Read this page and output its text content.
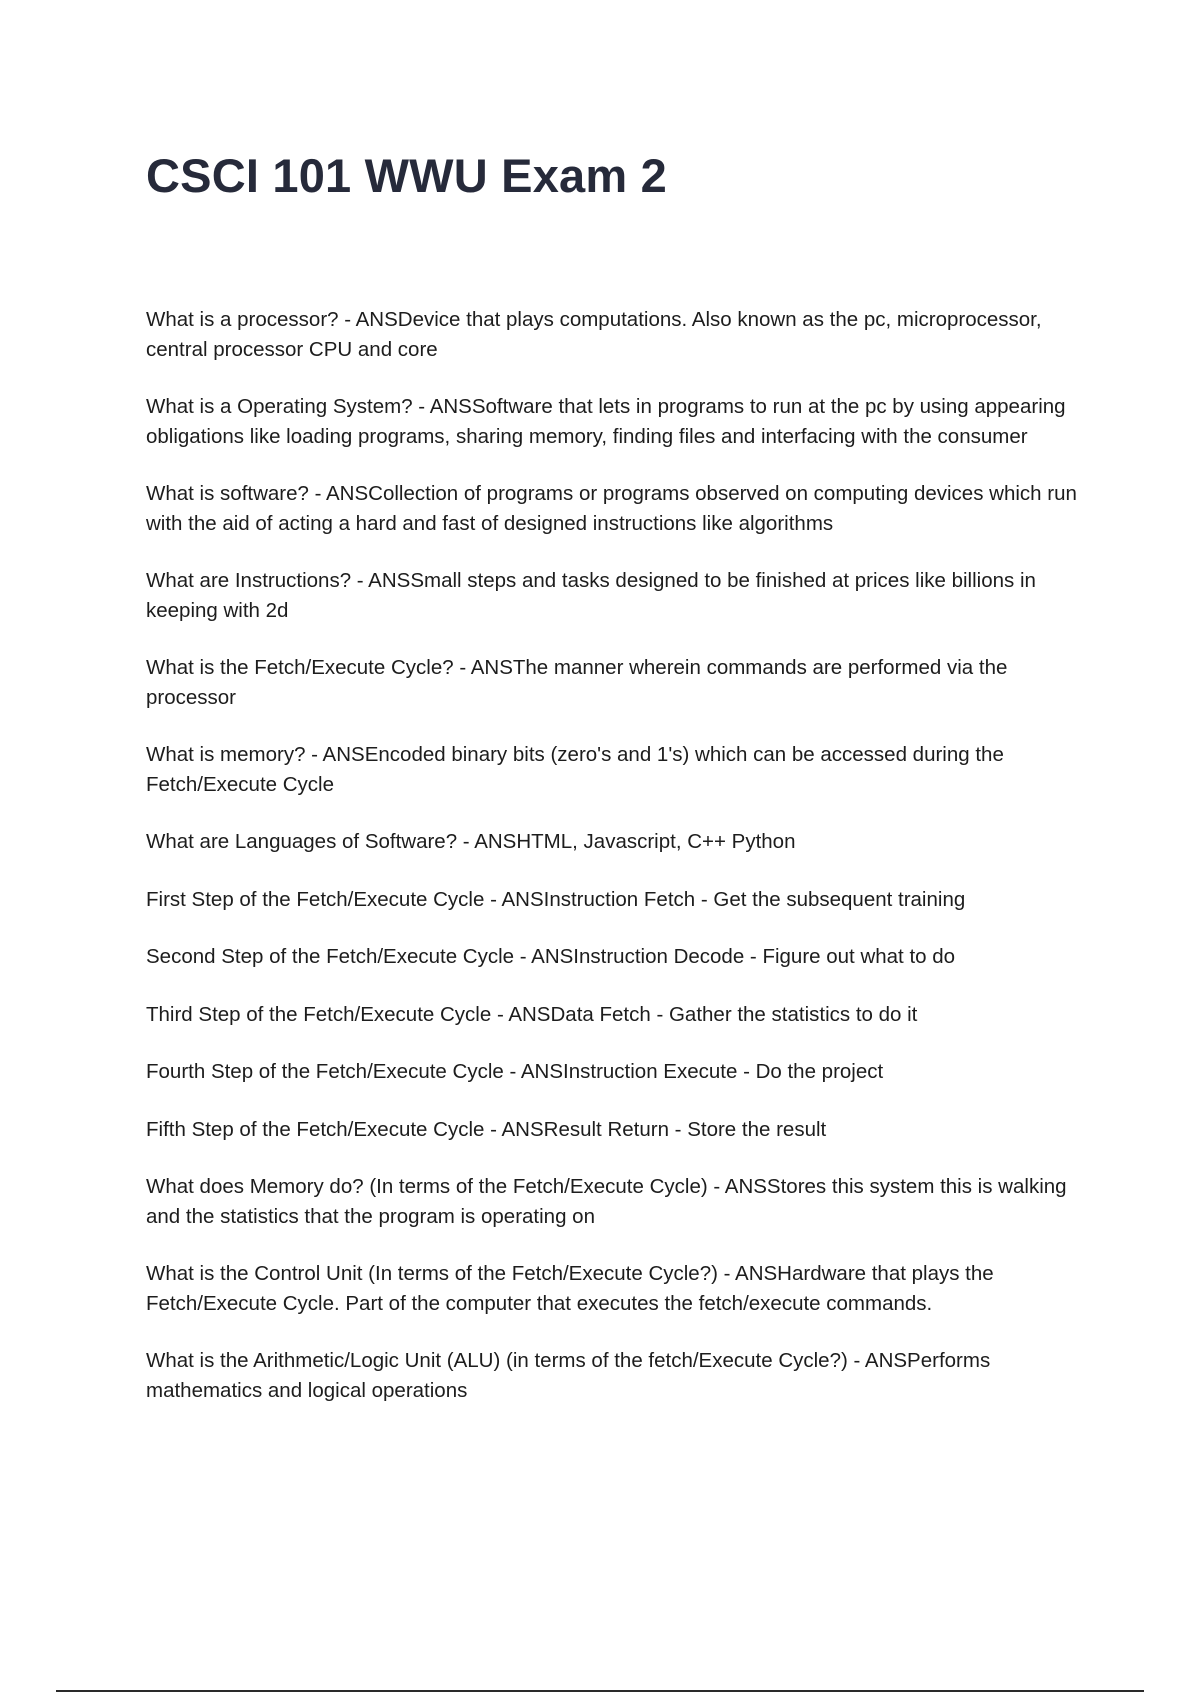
CSCI 101 WWU Exam 2

What is a processor? - ANSDevice that plays computations. Also known as the pc, microprocessor, central processor CPU and core

What is a Operating System? - ANSSoftware that lets in programs to run at the pc by using appearing obligations like loading programs, sharing memory, finding files and interfacing with the consumer

What is software? - ANSCollection of programs or programs observed on computing devices which run with the aid of acting a hard and fast of designed instructions like algorithms

What are Instructions? - ANSSmall steps and tasks designed to be finished at prices like billions in keeping with 2d

What is the Fetch/Execute Cycle? - ANSThe manner wherein commands are performed via the processor

What is memory? - ANSEncoded binary bits (zero's and 1's) which can be accessed during the Fetch/Execute Cycle

What are Languages of Software? - ANSHTML, Javascript, C++ Python

First Step of the Fetch/Execute Cycle - ANSInstruction Fetch - Get the subsequent training

Second Step of the Fetch/Execute Cycle - ANSInstruction Decode - Figure out what to do

Third Step of the Fetch/Execute Cycle - ANSData Fetch - Gather the statistics to do it

Fourth Step of the Fetch/Execute Cycle - ANSInstruction Execute - Do the project

Fifth Step of the Fetch/Execute Cycle - ANSResult Return - Store the result

What does Memory do? (In terms of the Fetch/Execute Cycle) - ANSStores this system this is walking and the statistics that the program is operating on

What is the Control Unit (In terms of the Fetch/Execute Cycle?) - ANSHardware that plays the Fetch/Execute Cycle. Part of the computer that executes the fetch/execute commands.

What is the Arithmetic/Logic Unit (ALU) (in terms of the fetch/Execute Cycle?) - ANSPerforms mathematics and logical operations
